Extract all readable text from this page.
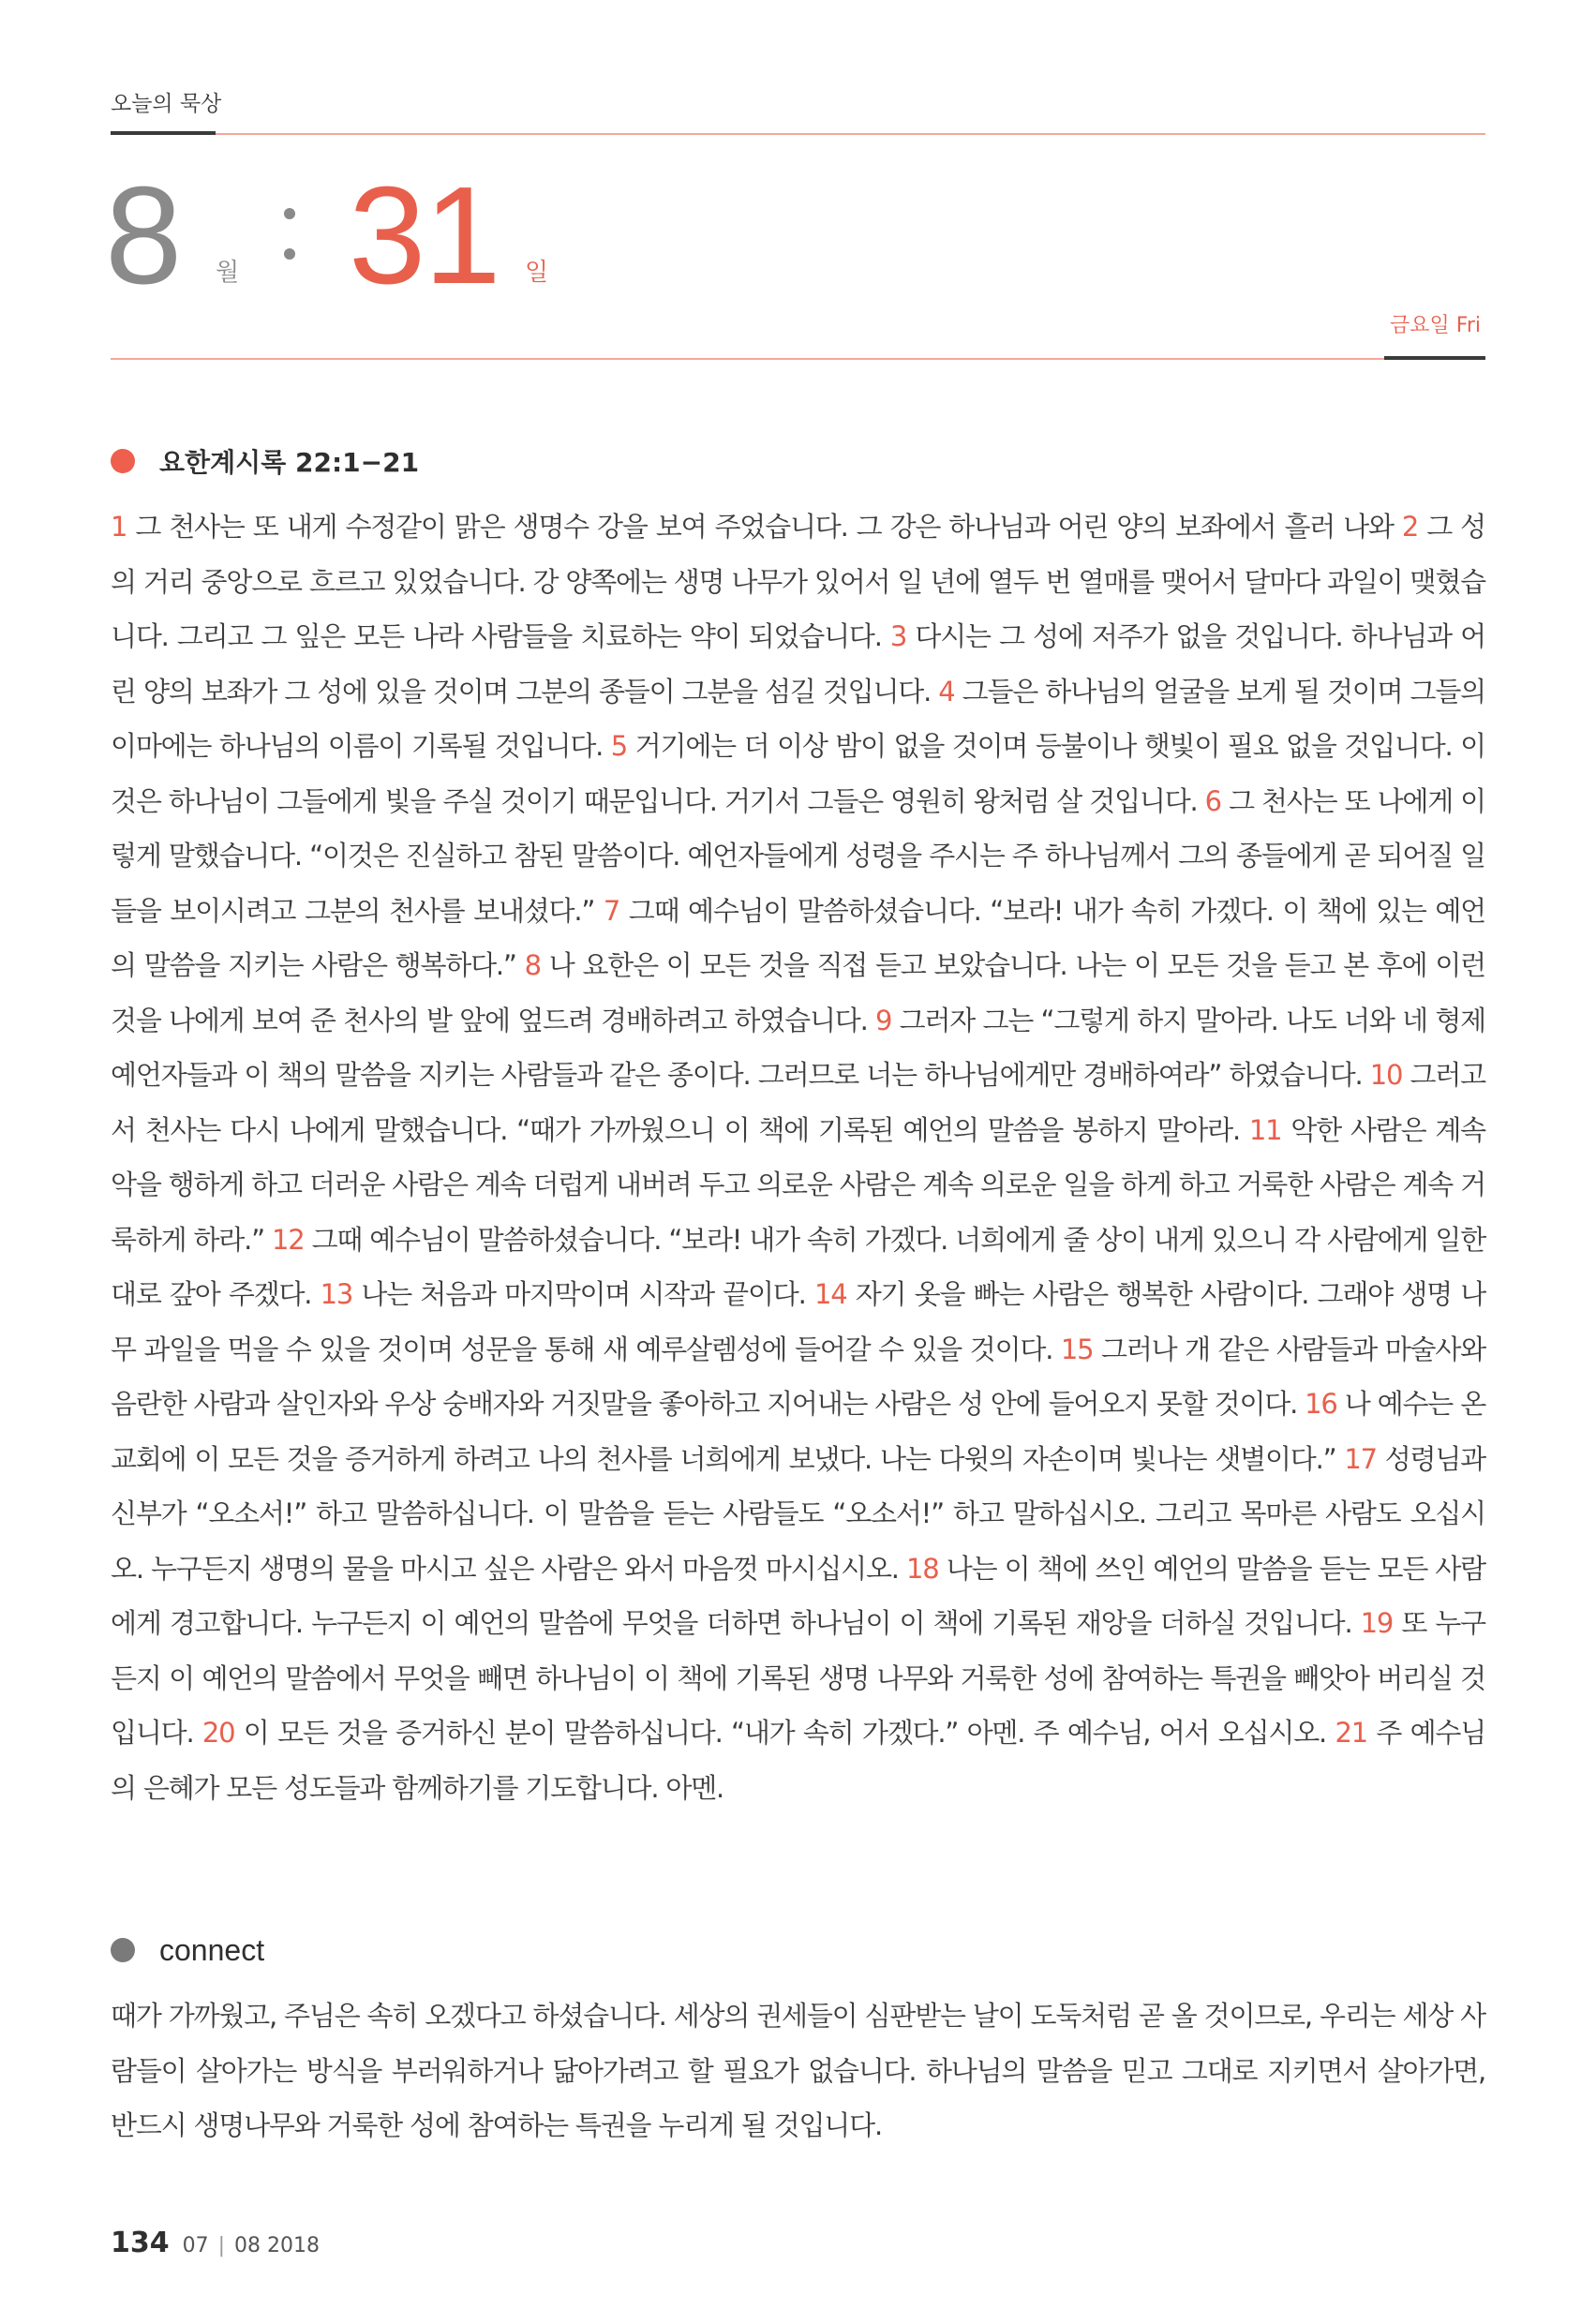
오늘의 묵상
8 월 31 일
금요일 Fri
요한계시록 22:1−21
1 그 천사는 또 내게 수정같이 맑은 생명수 강을 보여 주었습니다. 그 강은 하나님과 어린 양의 보좌에서 흘러 나와 2 그 성의 거리 중앙으로 흐르고 있었습니다. 강 양쪽에는 생명 나무가 있어서 일 년에 열두 번 열매를 맺어서 달마다 과일이 맺혔습니다. 그리고 그 잎은 모든 나라 사람들을 치료하는 약이 되었습니다. 3 다시는 그 성에 저주가 없을 것입니다. 하나님과 어린 양의 보좌가 그 성에 있을 것이며 그분의 종들이 그분을 섬길 것입니다. 4 그들은 하나님의 얼굴을 보게 될 것이며 그들의 이마에는 하나님의 이름이 기록될 것입니다. 5 거기에는 더 이상 밤이 없을 것이며 등불이나 햇빛이 필요 없을 것입니다. 이것은 하나님이 그들에게 빛을 주실 것이기 때문입니다. 거기서 그들은 영원히 왕처럼 살 것입니다. 6 그 천사는 또 나에게 이렇게 말했습니다. “이것은 진실하고 참된 말씀이다. 예언자들에게 성령을 주시는 주 하나님께서 그의 종들에게 곧 되어질 일들을 보이시려고 그분의 천사를 보내셨다.” 7 그때 예수님이 말씀하셨습니다. “보라! 내가 속히 가겠다. 이 책에 있는 예언의 말씀을 지키는 사람은 행복하다.” 8 나 요한은 이 모든 것을 직접 듣고 보았습니다. 나는 이 모든 것을 듣고 본 후에 이런 것을 나에게 보여 준 천사의 발 앞에 엎드려 경배하려고 하였습니다. 9 그러자 그는 “그렇게 하지 말아라. 나도 너와 네 형제 예언자들과 이 책의 말씀을 지키는 사람들과 같은 종이다. 그러므로 너는 하나님에게만 경배하여라” 하였습니다. 10 그러고서 천사는 다시 나에게 말했습니다. “때가 가까웠으니 이 책에 기록된 예언의 말씀을 봉하지 말아라. 11 악한 사람은 계속 악을 행하게 하고 더러운 사람은 계속 더럽게 내버려 두고 의로운 사람은 계속 의로운 일을 하게 하고 거룩한 사람은 계속 거룩하게 하라.” 12 그때 예수님이 말씀하셨습니다. “보라! 내가 속히 가겠다. 너희에게 줄 상이 내게 있으니 각 사람에게 일한 대로 갚아 주겠다. 13 나는 처음과 마지막이며 시작과 끝이다. 14 자기 옷을 빠는 사람은 행복한 사람이다. 그래야 생명 나무 과일을 먹을 수 있을 것이며 성문을 통해 새 예루살렘성에 들어갈 수 있을 것이다. 15 그러나 개 같은 사람들과 마술사와 음란한 사람과 살인자와 우상 숭배자와 거짓말을 좋아하고 지어내는 사람은 성 안에 들어오지 못할 것이다. 16 나 예수는 온 교회에 이 모든 것을 증거하게 하려고 나의 천사를 너희에게 보냈다. 나는 다윗의 자손이며 빛나는 샛별이다.” 17 성령님과 신부가 “오소서!” 하고 말씀하십니다. 이 말씀을 듣는 사람들도 “오소서!” 하고 말하십시오. 그리고 목마른 사람도 오십시오. 누구든지 생명의 물을 마시고 싶은 사람은 와서 마음껏 마시십시오. 18 나는 이 책에 쓰인 예언의 말씀을 듣는 모든 사람에게 경고합니다. 누구든지 이 예언의 말씀에 무엇을 더하면 하나님이 이 책에 기록된 재앙을 더하실 것입니다. 19 또 누구든지 이 예언의 말씀에서 무엇을 빼면 하나님이 이 책에 기록된 생명 나무와 거룩한 성에 참여하는 특권을 빼앗아 버리실 것입니다. 20 이 모든 것을 증거하신 분이 말씀하십니다. “내가 속히 가겠다.” 아멘. 주 예수님, 어서 오십시오. 21 주 예수님의 은혜가 모든 성도들과 함께하기를 기도합니다. 아멘.
connect
때가 가까웠고, 주님은 속히 오겠다고 하셨습니다. 세상의 권세들이 심판받는 날이 도둑처럼 곧 올 것이므로, 우리는 세상 사람들이 살아가는 방식을 부러워하거나 닮아가려고 할 필요가 없습니다. 하나님의 말씀을 믿고 그대로 지키면서 살아가면, 반드시 생명나무와 거룩한 성에 참여하는 특권을 누리게 될 것입니다.
134 07 | 08 2018
